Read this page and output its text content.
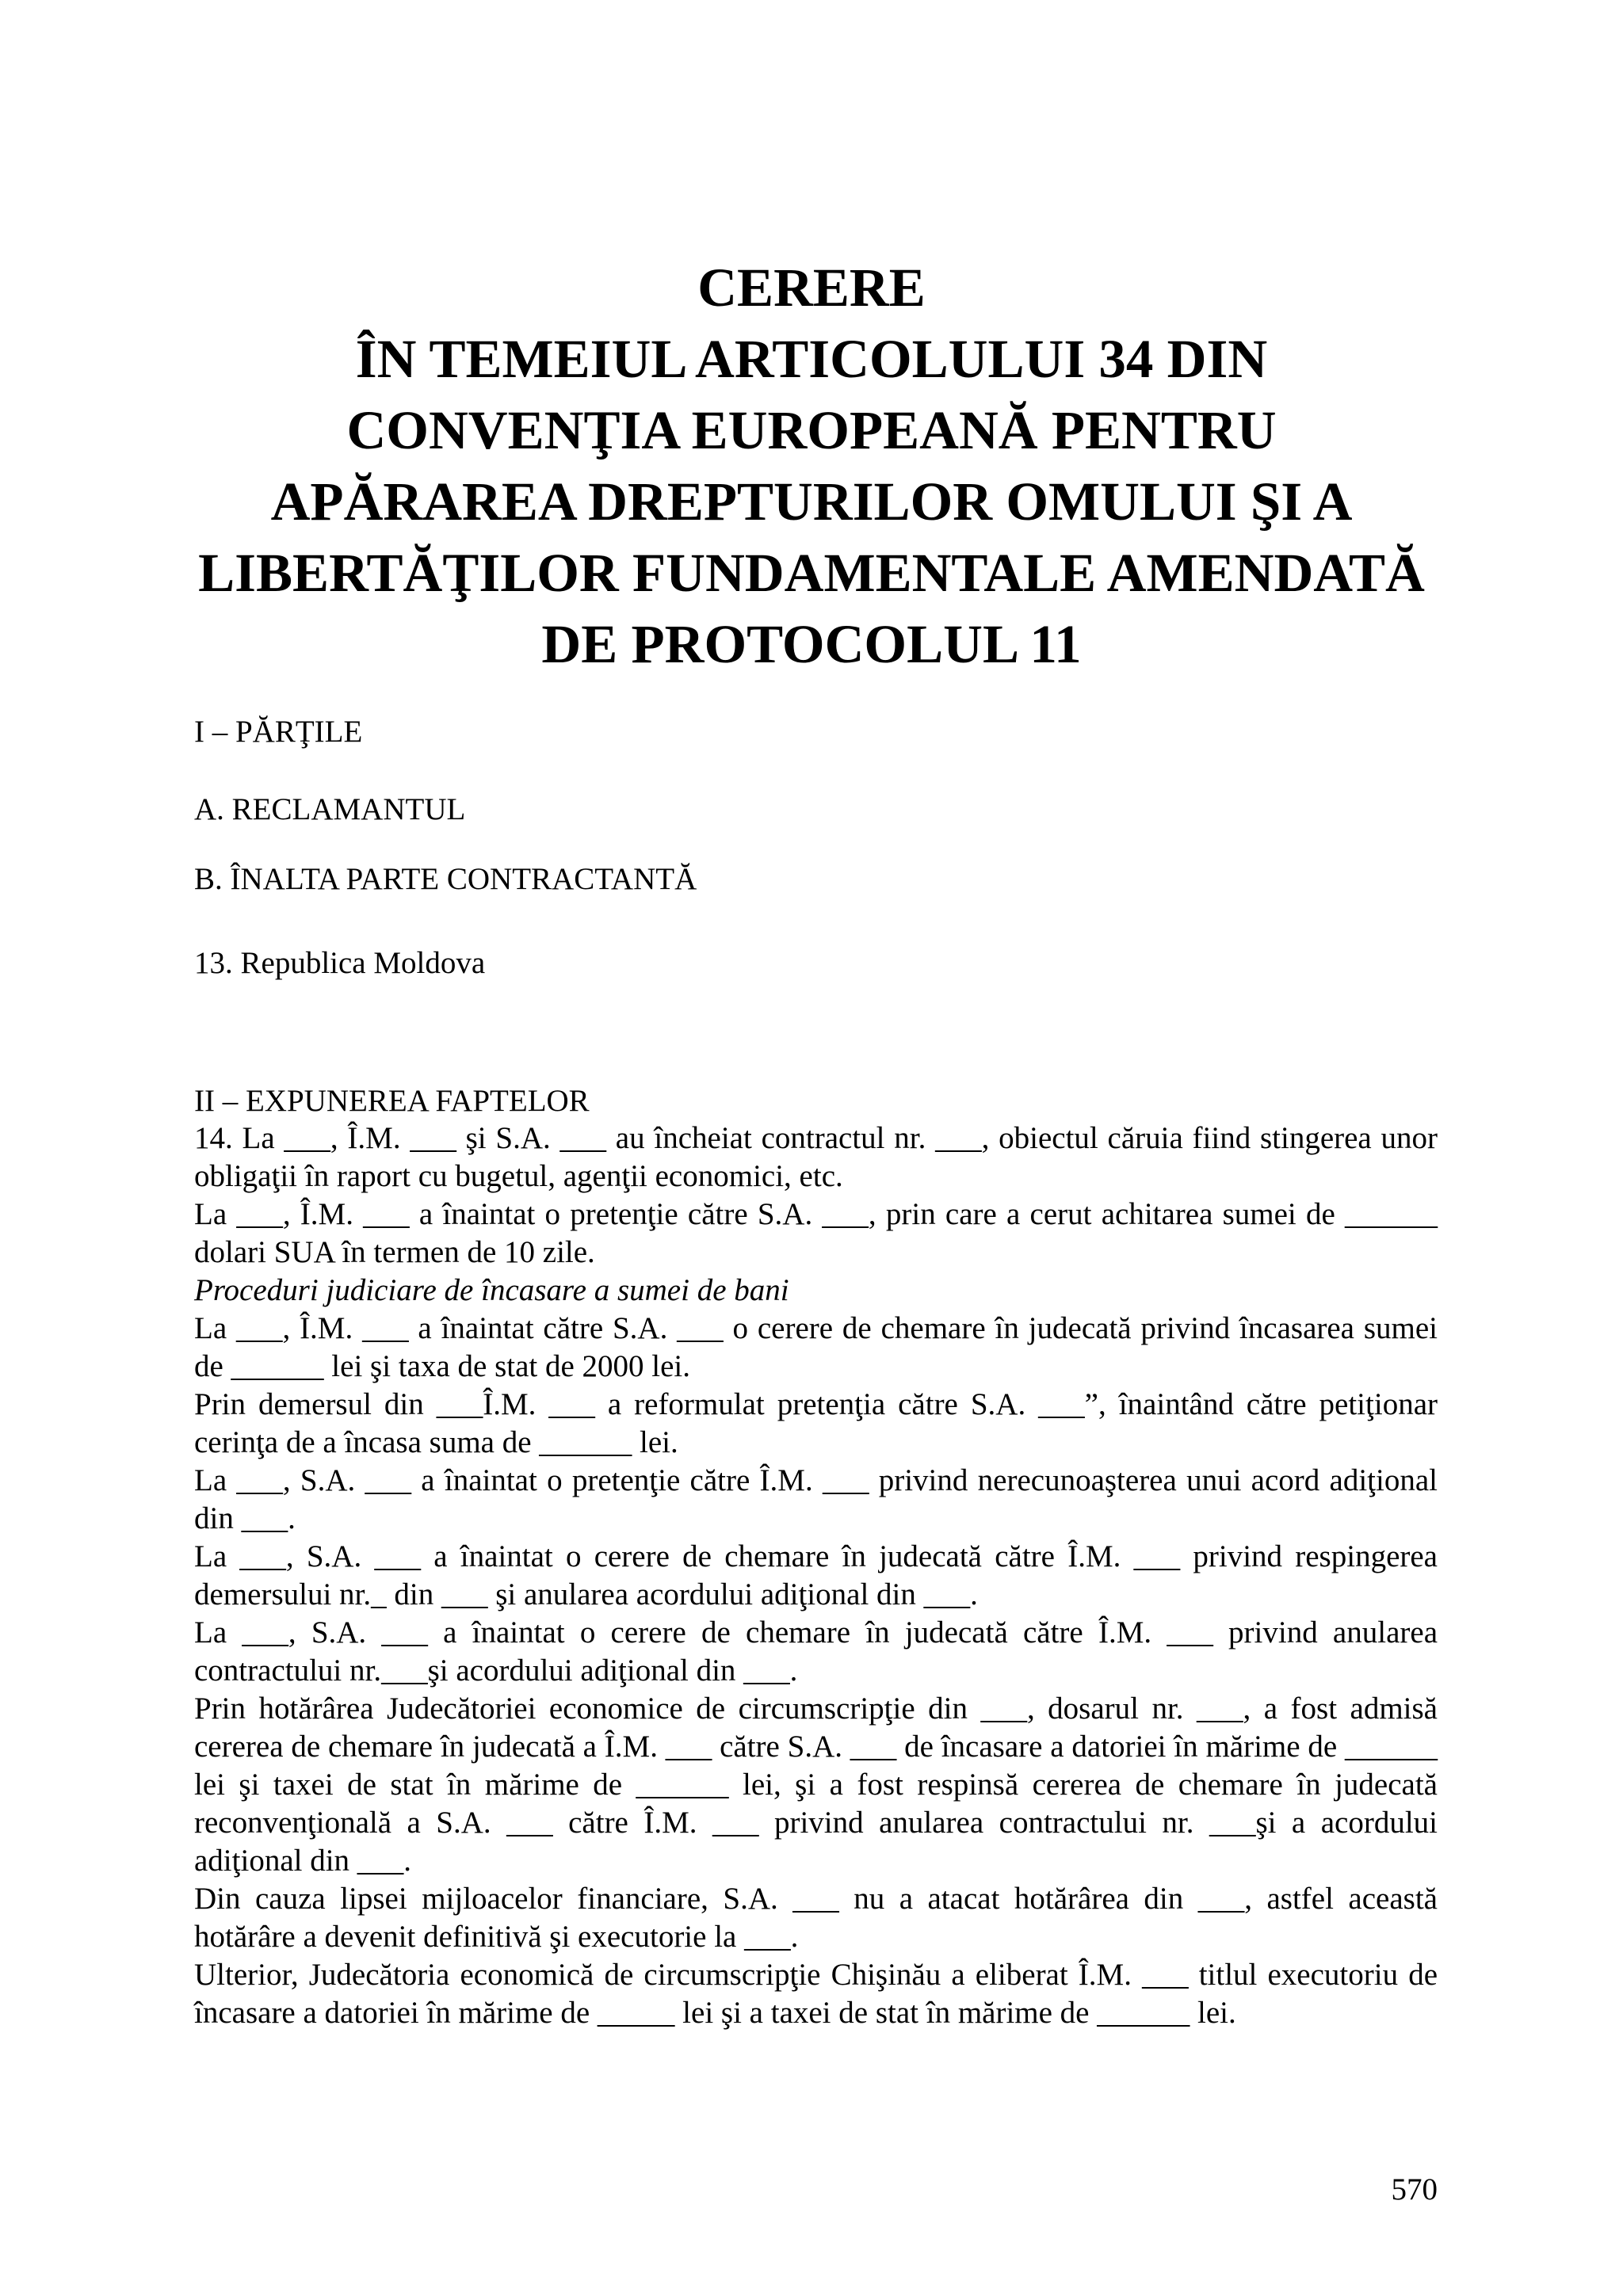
CERERE
ÎN TEMEIUL ARTICOLULUI 34 DIN
CONVENŢIA EUROPEANĂ PENTRU
APĂRAREA DREPTURILOR OMULUI ŞI A
LIBERTĂŢILOR FUNDAMENTALE AMENDATĂ
DE PROTOCOLUL 11

I – PĂRŢILE

A. RECLAMANTUL

B. ÎNALTA PARTE CONTRACTANTĂ

13. Republica Moldova

II – EXPUNEREA FAPTELOR

14. La ___, Î.M. ___ şi S.A. ___ au încheiat contractul nr. ___, obiectul căruia fiind stingerea unor obligaţii în raport cu bugetul, agenţii economici, etc.

La ___, Î.M. ___ a înaintat o pretenţie către S.A. ___, prin care a cerut achitarea sumei de ______ dolari SUA în termen de 10 zile.

Proceduri judiciare de încasare a sumei de bani

La ___, Î.M. ___ a înaintat către S.A. ___ o cerere de chemare în judecată privind încasarea sumei de ______ lei şi taxa de stat de 2000 lei.

Prin demersul din ___Î.M. ___ a reformulat pretenţia către S.A. ___”, înaintând către petiţionar cerinţa de a încasa suma de ______ lei.

La ___, S.A. ___ a înaintat o pretenţie către Î.M. ___ privind nerecunoaşterea unui acord adiţional din ___.

La ___, S.A. ___ a înaintat o cerere de chemare în judecată către Î.M. ___ privind respingerea demersului nr._ din ___ şi anularea acordului adiţional din ___.

La ___, S.A. ___ a înaintat o cerere de chemare în judecată către Î.M. ___ privind anularea contractului nr.___şi acordului adiţional din ___.

Prin hotărârea Judecătoriei economice de circumscripţie din ___, dosarul nr. ___, a fost admisă cererea de chemare în judecată a Î.M. ___ către S.A. ___ de încasare a datoriei în mărime de ______ lei şi taxei de stat în mărime de ______ lei, şi a fost respinsă cererea de chemare în judecată reconvenţională a S.A. ___ către Î.M. ___ privind anularea contractului nr. ___şi a acordului adiţional din ___.

Din cauza lipsei mijloacelor financiare, S.A. ___ nu a atacat hotărârea din ___, astfel această hotărâre a devenit definitivă şi executorie la ___.

Ulterior, Judecătoria economică de circumscripţie Chişinău a eliberat Î.M. ___ titlul executoriu de încasare a datoriei în mărime de _____ lei şi a taxei de stat în mărime de ______ lei.

570
